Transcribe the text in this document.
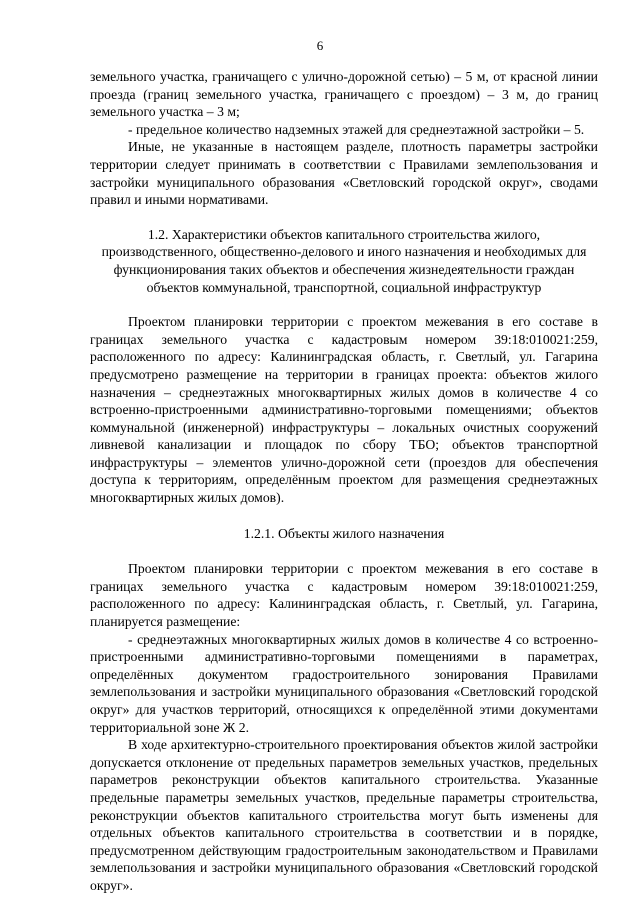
6

земельного участка, граничащего с улично-дорожной сетью) – 5 м, от красной линии проезда (границ земельного участка, граничащего с проездом) – 3 м, до границ земельного участка – 3 м;

- предельное количество надземных этажей для среднеэтажной застройки – 5.

Иные, не указанные в настоящем разделе, плотность параметры застройки территории следует принимать в соответствии с Правилами землепользования и застройки муниципального образования «Светловский городской округ», сводами правил и иными нормативами.

1.2. Характеристики объектов капитального строительства жилого, производственного, общественно-делового и иного назначения и необходимых для функционирования таких объектов и обеспечения жизнедеятельности граждан объектов коммунальной, транспортной, социальной инфраструктур

Проектом планировки территории с проектом межевания в его составе в границах земельного участка с кадастровым номером 39:18:010021:259, расположенного по адресу: Калининградская область, г. Светлый, ул. Гагарина предусмотрено размещение на территории в границах проекта: объектов жилого назначения – среднеэтажных многоквартирных жилых домов в количестве 4 со встроенно-пристроенными административно-торговыми помещениями; объектов коммунальной (инженерной) инфраструктуры – локальных очистных сооружений ливневой канализации и площадок по сбору ТБО; объектов транспортной инфраструктуры – элементов улично-дорожной сети (проездов для обеспечения доступа к территориям, определённым проектом для размещения среднеэтажных многоквартирных жилых домов).

1.2.1. Объекты жилого назначения

Проектом планировки территории с проектом межевания в его составе в границах земельного участка с кадастровым номером 39:18:010021:259, расположенного по адресу: Калининградская область, г. Светлый, ул. Гагарина, планируется размещение:

- среднеэтажных многоквартирных жилых домов в количестве 4 со встроенно-пристроенными административно-торговыми помещениями в параметрах, определённых документом градостроительного зонирования Правилами землепользования и застройки муниципального образования «Светловский городской округ» для участков территорий, относящихся к определённой этими документами территориальной зоне Ж 2.

В ходе архитектурно-строительного проектирования объектов жилой застройки допускается отклонение от предельных параметров земельных участков, предельных параметров реконструкции объектов капитального строительства. Указанные предельные параметры земельных участков, предельные параметры строительства, реконструкции объектов капитального строительства могут быть изменены для отдельных объектов капитального строительства в соответствии и в порядке, предусмотренном действующим градостроительным законодательством и Правилами землепользования и застройки муниципального образования «Светловский городской округ».
